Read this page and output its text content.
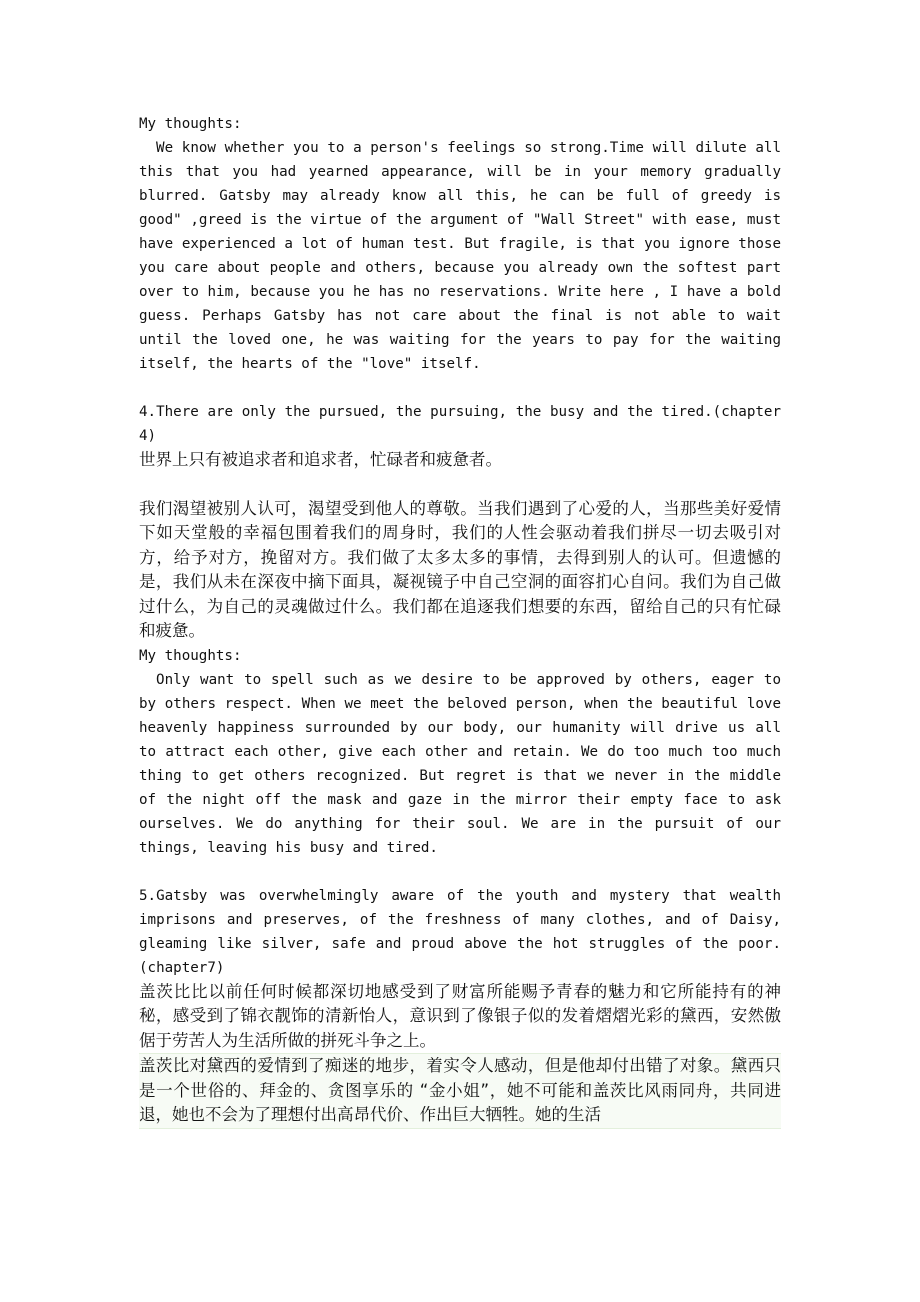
My thoughts:

We know whether you to a person's feelings so strong.Time will dilute all this that you had yearned appearance, will be in your memory gradually blurred. Gatsby may already know all this, he can be full of greedy is good" ,greed is the virtue of the argument of "Wall Street" with ease, must have experienced a lot of human test. But fragile, is that you ignore those you care about people and others, because you already own the softest part over to him, because you he has no reservations. Write here , I have a bold guess. Perhaps Gatsby has not care about the final is not able to wait until the loved one, he was waiting for the years to pay for the waiting itself, the hearts of the "love" itself.

4.There are only the pursued, the pursuing, the busy and the tired.(chapter 4)

世界上只有被追求者和追求者，忙碌者和疲惫者。

我们渴望被别人认可，渴望受到他人的尊敬。当我们遇到了心爱的人，当那些美好爱情下如天堂般的幸福包围着我们的周身时，我们的人性会驱动着我们拼尽一切去吸引对方，给予对方，挽留对方。我们做了太多太多的事情，去得到别人的认可。但遗憾的是，我们从未在深夜中摘下面具，凝视镜子中自己空洞的面容扪心自问。我们为自己做过什么，为自己的灵魂做过什么。我们都在追逐我们想要的东西，留给自己的只有忙碌和疲惫。

My thoughts:

Only want to spell such as we desire to be approved by others, eager to by others respect. When we meet the beloved person, when the beautiful love heavenly happiness surrounded by our body, our humanity will drive us all to attract each other, give each other and retain. We do too much too much thing to get others recognized. But regret is that we never in the middle of the night off the mask and gaze in the mirror their empty face to ask ourselves. We do anything for their soul. We are in the pursuit of our things, leaving his busy and tired.

5.Gatsby was overwhelmingly aware of the youth and mystery that wealth imprisons and preserves, of the freshness of many clothes, and of Daisy, gleaming like silver, safe and proud above the hot struggles of the poor.(chapter7)

盖茨比比以前任何时候都深切地感受到了财富所能赐予青春的魅力和它所能持有的神秘，感受到了锦衣靓饰的清新怡人，意识到了像银子似的发着熠熠光彩的黛西，安然傲倨于劳苦人为生活所做的拼死斗争之上。

盖茨比对黛西的爱情到了痴迷的地步，着实令人感动，但是他却付出错了对象。黛西只是一个世俗的、拜金的、贪图享乐的 “金小姐”，她不可能和盖茨比风雨同舟，共同进退，她也不会为了理想付出高昂代价、作出巨大牺牲。她的生活
